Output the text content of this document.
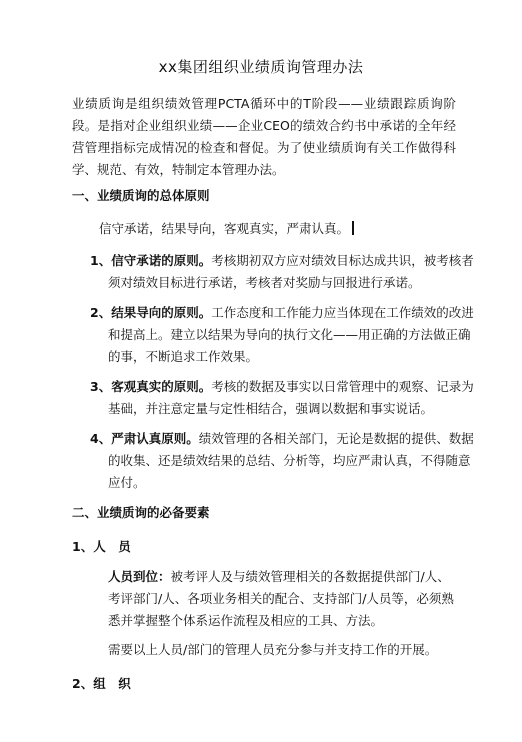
xx集团组织业绩质询管理办法

业绩质询是组织绩效管理PCTA循环中的T阶段——业绩跟踪质询阶段。是指对企业组织业绩——企业CEO的绩效合约书中承诺的全年经营管理指标完成情况的检查和督促。为了使业绩质询有关工作做得科学、规范、有效，特制定本管理办法。

一、业绩质询的总体原则
信守承诺，结果导向，客观真实，严肃认真。
1、信守承诺的原则。考核期初双方应对绩效目标达成共识，被考核者须对绩效目标进行承诺，考核者对奖励与回报进行承诺。
2、结果导向的原则。工作态度和工作能力应当体现在工作绩效的改进和提高上。建立以结果为导向的执行文化——用正确的方法做正确的事，不断追求工作效果。
3、客观真实的原则。考核的数据及事实以日常管理中的观察、记录为基础，并注意定量与定性相结合，强调以数据和事实说话。
4、严肃认真原则。绩效管理的各相关部门，无论是数据的提供、数据的收集、还是绩效结果的总结、分析等，均应严肃认真，不得随意应付。
二、业绩质询的必备要素
1、人　员
人员到位：被考评人及与绩效管理相关的各数据提供部门/人、考评部门/人、各项业务相关的配合、支持部门/人员等，必须熟悉并掌握整个体系运作流程及相应的工具、方法。
需要以上人员/部门的管理人员充分参与并支持工作的开展。
2、组　织
